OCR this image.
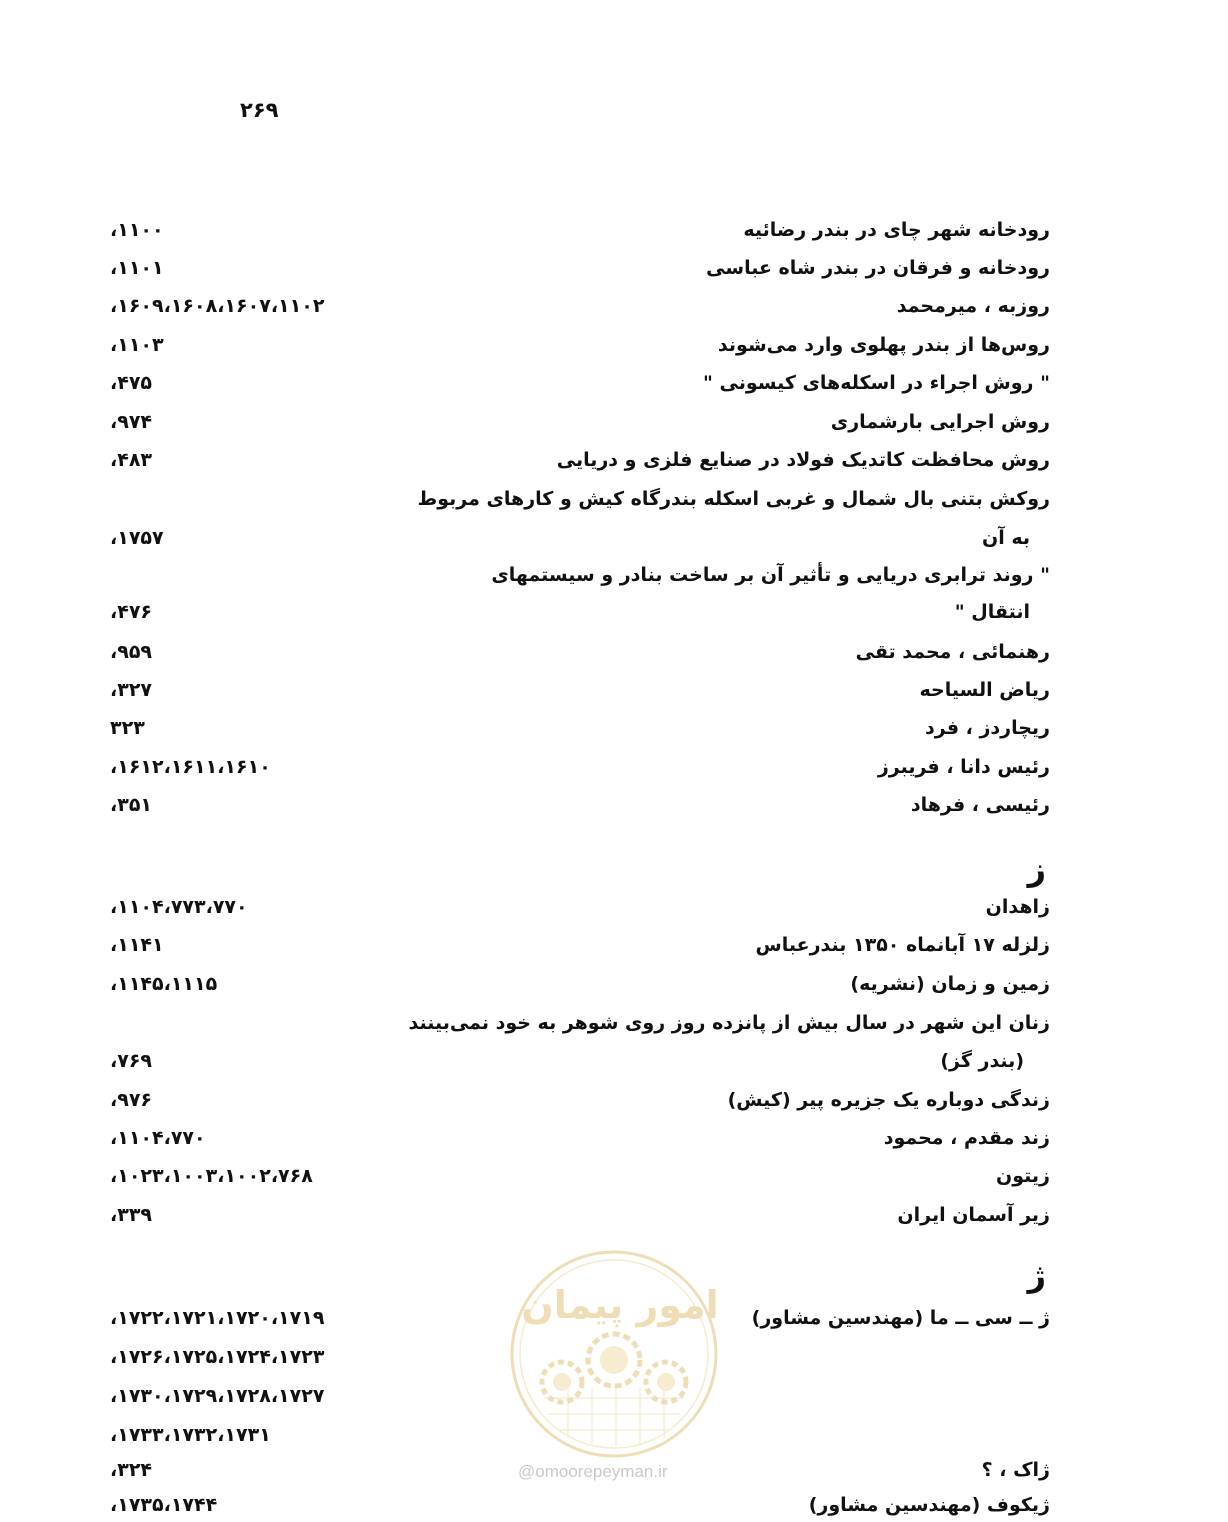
۲۶۹
رودخانه شهر چای در بندر رضائیه
۱۱۰۰،
رودخانه و فرقان در بندر شاه عباسی
۱۱۰۱،
روزبه ، میرمحمد
۱۶۰۹،۱۶۰۸،۱۶۰۷،۱۱۰۲،
روس‌ها از بندر پهلوی وارد می‌شوند
۱۱۰۳،
" روش اجراء در اسکله‌های کیسونی "
۴۷۵،
روش اجرایی بارشماری
۹۷۴،
روش محافظت کاتدیک فولاد در صنایع فلزی و دریایی
۴۸۳،
روکش بتنی بال شمال و غربی اسکله بندرگاه کیش و کارهای مربوط
به آن
۱۷۵۷،
" روند ترابری دریایی و تأثیر آن بر ساخت بنادر و سیستمهای
انتقال "
۴۷۶،
رهنمائی ، محمد تقی
۹۵۹،
ریاض السیاحه
۳۲۷،
ریچاردز ، فرد
۳۲۳
رئیس دانا ، فریبرز
۱۶۱۲،۱۶۱۱،۱۶۱۰،
رئیسی ، فرهاد
۳۵۱،
ز
زاهدان
۱۱۰۴،۷۷۳،۷۷۰،
زلزله ۱۷ آبانماه ۱۳۵۰ بندرعباس
۱۱۴۱،
زمین و زمان (نشریه)
۱۱۴۵،۱۱۱۵،
زنان این شهر در سال بیش از پانزده روز روی شوهر به خود نمی‌بینند
(بندر گز)
۷۶۹،
زندگی دوباره یک جزیره پیر (کیش)
۹۷۶،
زند مقدم ، محمود
۱۱۰۴،۷۷۰،
زیتون
۱۰۲۳،۱۰۰۳،۱۰۰۲،۷۶۸،
زیر آسمان ایران
۳۳۹،
ژ
ژ ــ سی ــ ما (مهندسین مشاور)
۱۷۲۲،۱۷۲۱،۱۷۲۰،۱۷۱۹،
۱۷۲۶،۱۷۲۵،۱۷۲۴،۱۷۲۳،
۱۷۳۰،۱۷۲۹،۱۷۲۸،۱۷۲۷،
۱۷۳۳،۱۷۳۲،۱۷۳۱،
ژاک ، ؟
۳۲۴،
ژیکوف (مهندسین مشاور)
۱۷۳۵،۱۷۴۴،
امور پیمان
@omoorepeyman.ir
